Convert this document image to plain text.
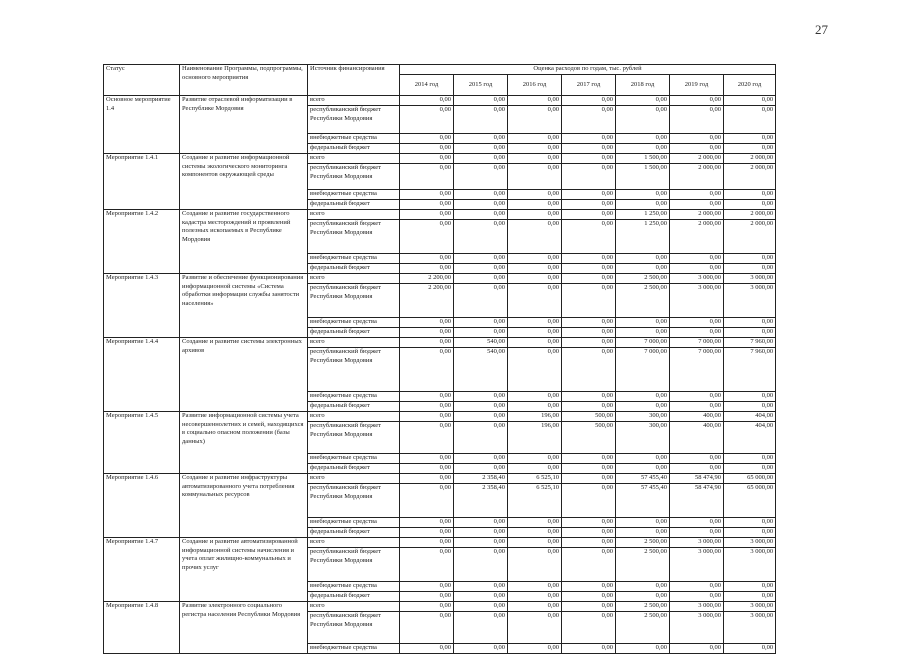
27
Статус	Наименование Программы, подпрограммы, основного мероприятия	Источник финансирования	Оценка расходов по годам, тыс. рублей						
			2014 год	2015 год	2016 год	2017 год	2018 год	2019 год	2020 год
Основное мероприятие 1.4	Развитие отраслевой информатизации в Республике Мордовия	всего	0,00	0,00	0,00	0,00	0,00	0,00	0,00
		республиканский бюджет Республики Мордовия	0,00	0,00	0,00	0,00	0,00	0,00	0,00
		внебюджетные средства	0,00	0,00	0,00	0,00	0,00	0,00	0,00
		федеральный бюджет	0,00	0,00	0,00	0,00	0,00	0,00	0,00
Мероприятие 1.4.1	Создание и развитие информационной системы экологического мониторинга компонентов окружающей среды	всего	0,00	0,00	0,00	0,00	1 500,00	2 000,00	2 000,00
		республиканский бюджет Республики Мордовия	0,00	0,00	0,00	0,00	1 500,00	2 000,00	2 000,00
		внебюджетные средства	0,00	0,00	0,00	0,00	0,00	0,00	0,00
		федеральный бюджет	0,00	0,00	0,00	0,00	0,00	0,00	0,00
Мероприятие 1.4.2	Создание и развитие государственного кадастра месторождений и проявлений полезных ископаемых в Республике Мордовия	всего	0,00	0,00	0,00	0,00	1 250,00	2 000,00	2 000,00
		республиканский бюджет Республики Мордовия	0,00	0,00	0,00	0,00	1 250,00	2 000,00	2 000,00
		внебюджетные средства	0,00	0,00	0,00	0,00	0,00	0,00	0,00
		федеральный бюджет	0,00	0,00	0,00	0,00	0,00	0,00	0,00
Мероприятие 1.4.3	Развитие и обеспечение функционирования информационной системы «Система обработки информации службы занятости населения»	всего	2 200,00	0,00	0,00	0,00	2 500,00	3 000,00	3 000,00
		республиканский бюджет Республики Мордовия	2 200,00	0,00	0,00	0,00	2 500,00	3 000,00	3 000,00
		внебюджетные средства	0,00	0,00	0,00	0,00	0,00	0,00	0,00
		федеральный бюджет	0,00	0,00	0,00	0,00	0,00	0,00	0,00
Мероприятие 1.4.4	Создание и развитие системы электронных архивов	всего	0,00	540,00	0,00	0,00	7 000,00	7 000,00	7 960,00
		республиканский бюджет Республики Мордовия	0,00	540,00	0,00	0,00	7 000,00	7 000,00	7 960,00
		внебюджетные средства	0,00	0,00	0,00	0,00	0,00	0,00	0,00
		федеральный бюджет	0,00	0,00	0,00	0,00	0,00	0,00	0,00
Мероприятие 1.4.5	Развитие информационной системы учета несовершеннолетних и семей, находящихся в социально опасном положении (базы данных)	всего	0,00	0,00	196,00	500,00	300,00	400,00	404,00
		республиканский бюджет Республики Мордовия	0,00	0,00	196,00	500,00	300,00	400,00	404,00
		внебюджетные средства	0,00	0,00	0,00	0,00	0,00	0,00	0,00
		федеральный бюджет	0,00	0,00	0,00	0,00	0,00	0,00	0,00
Мероприятие 1.4.6	Создание и развитие инфраструктуры автоматизированного учета потребления коммунальных ресурсов	всего	0,00	2 358,40	6 525,10	0,00	57 455,40	58 474,90	65 000,00
		республиканский бюджет Республики Мордовия	0,00	2 358,40	6 525,10	0,00	57 455,40	58 474,90	65 000,00
		внебюджетные средства	0,00	0,00	0,00	0,00	0,00	0,00	0,00
		федеральный бюджет	0,00	0,00	0,00	0,00	0,00	0,00	0,00
Мероприятие 1.4.7	Создание и развитие автоматизированной информационной системы начисления и учета оплат жилищно-коммунальных и прочих услуг	всего	0,00	0,00	0,00	0,00	2 500,00	3 000,00	3 000,00
		республиканский бюджет Республики Мордовия	0,00	0,00	0,00	0,00	2 500,00	3 000,00	3 000,00
		внебюджетные средства	0,00	0,00	0,00	0,00	0,00	0,00	0,00
		федеральный бюджет	0,00	0,00	0,00	0,00	0,00	0,00	0,00
Мероприятие 1.4.8	Развитие электронного социального регистра населения Республики Мордовия	всего	0,00	0,00	0,00	0,00	2 500,00	3 000,00	3 000,00
		республиканский бюджет Республики Мордовия	0,00	0,00	0,00	0,00	2 500,00	3 000,00	3 000,00
		внебюджетные средства	0,00	0,00	0,00	0,00	0,00	0,00	0,00
